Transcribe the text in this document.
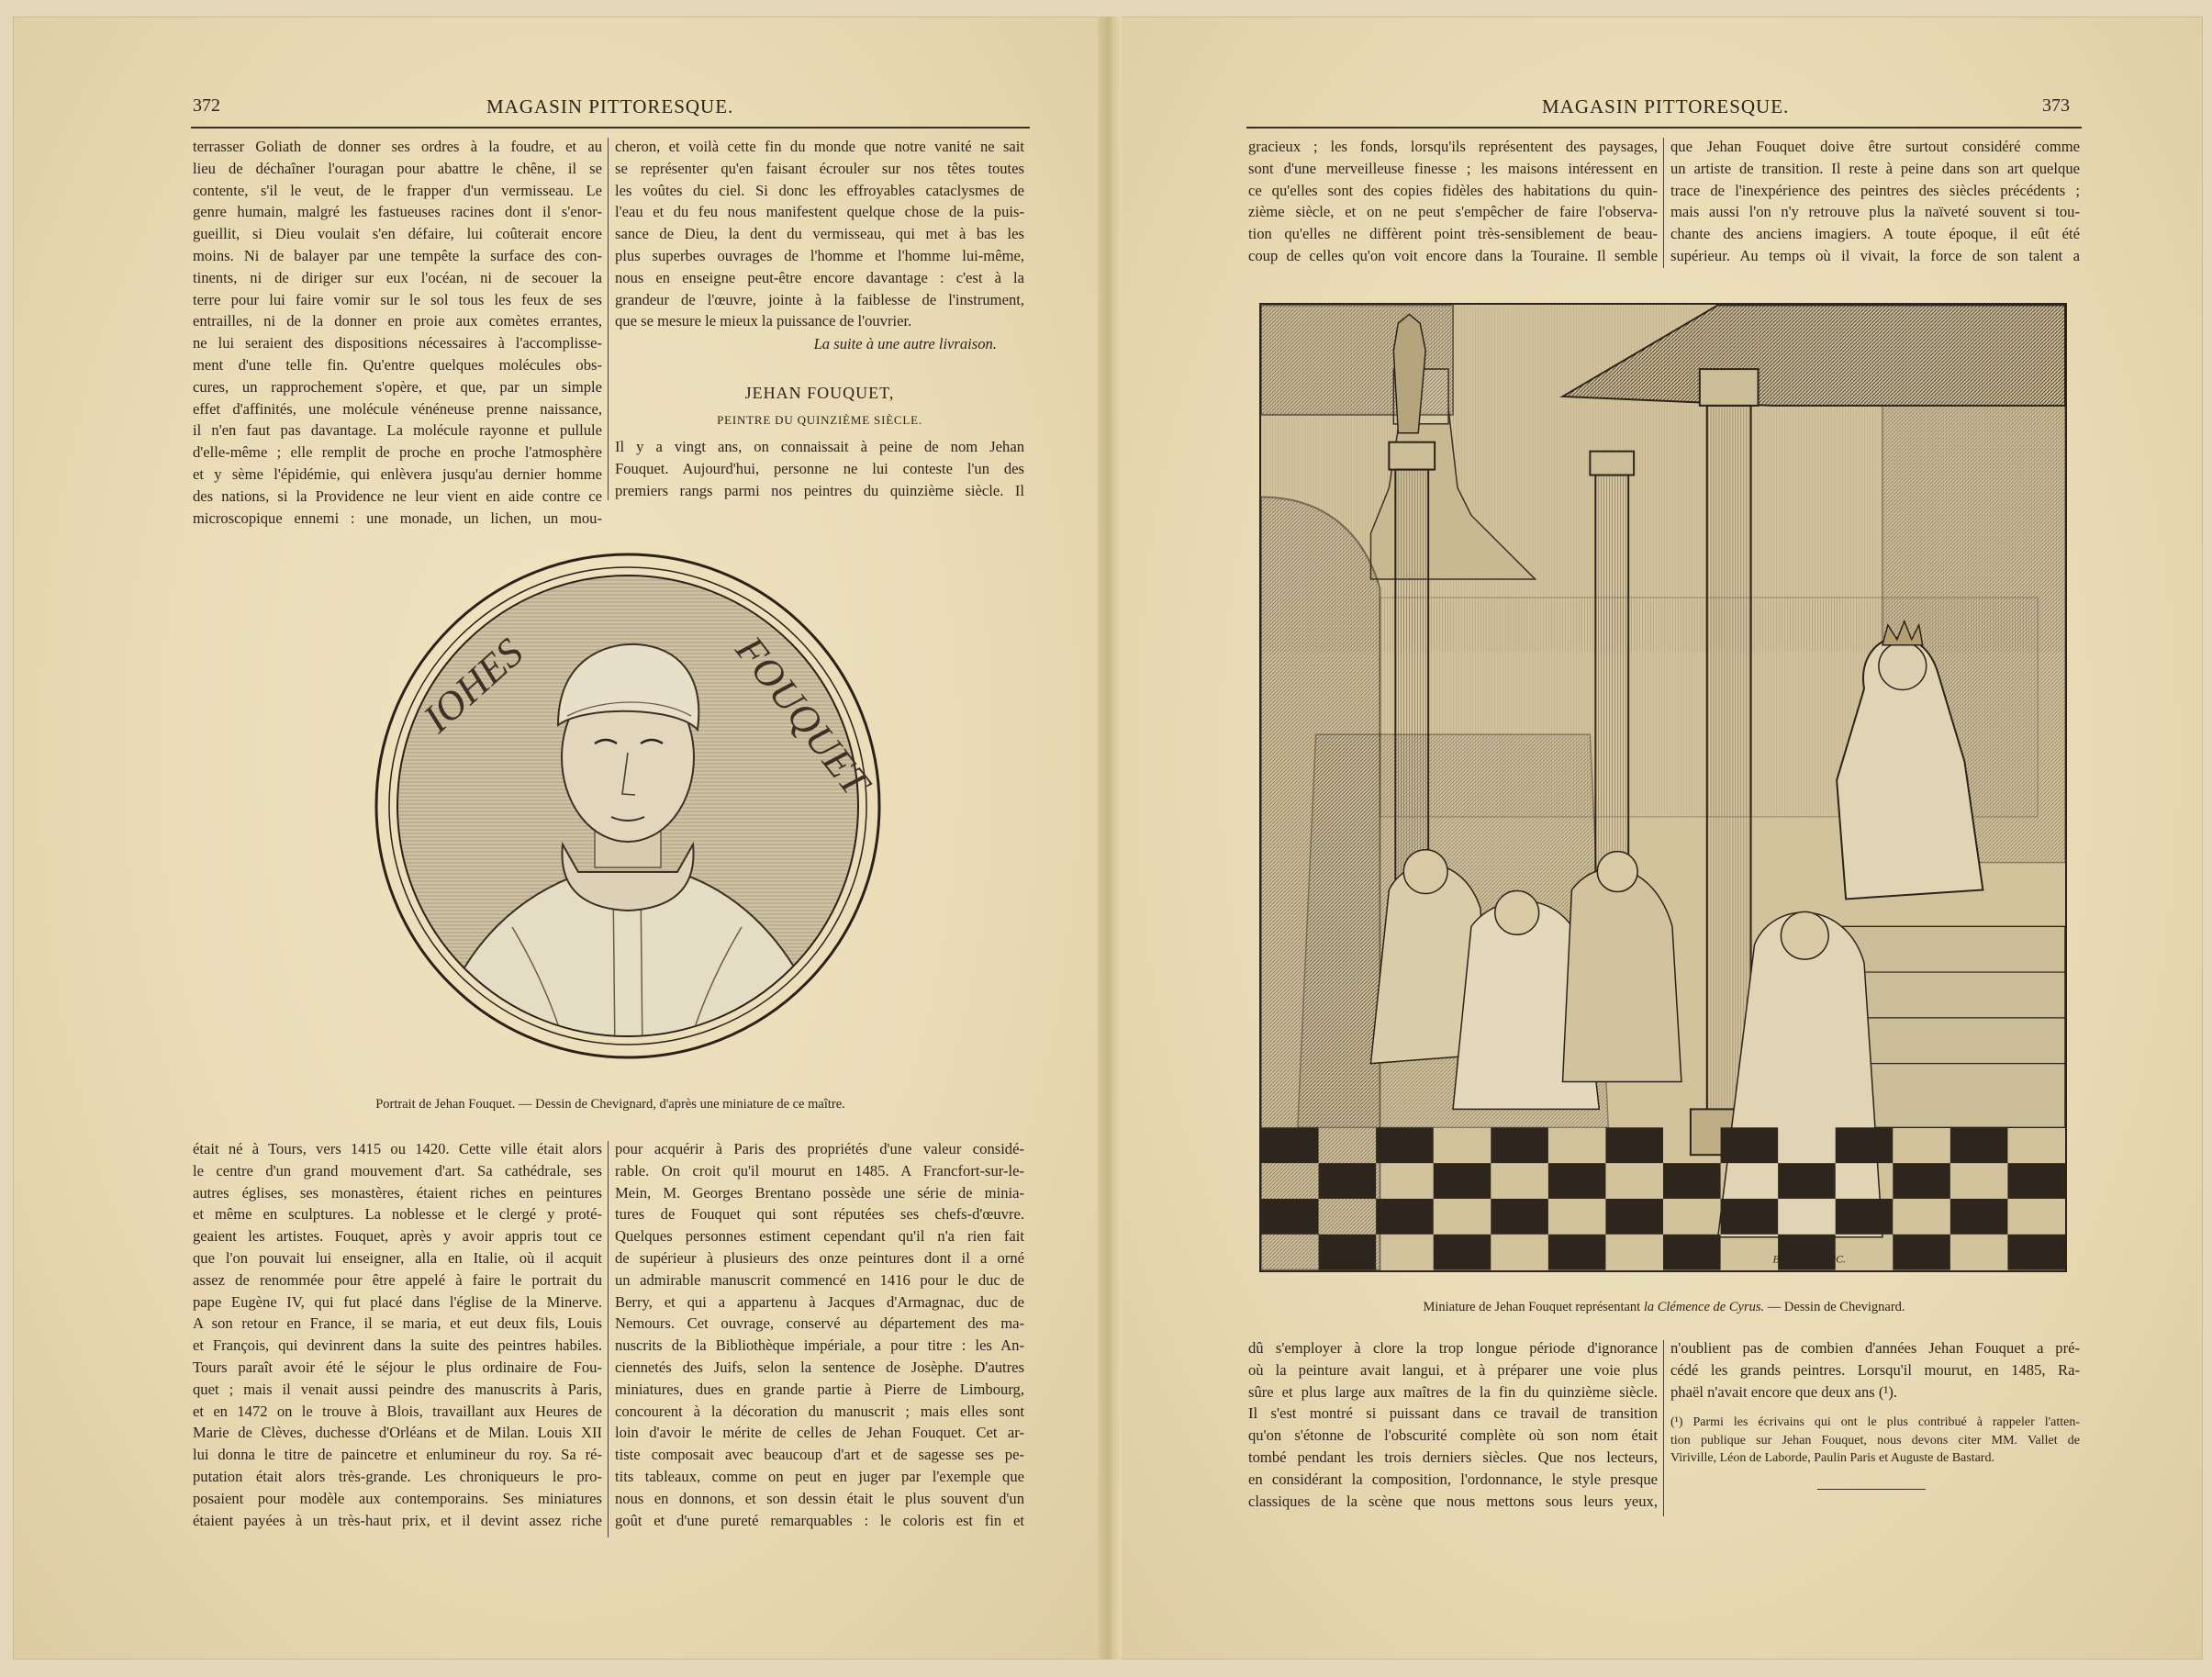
372	MAGASIN PITTORESQUE.
terrasser Goliath de donner ses ordres à la foudre, et au
lieu de déchaîner l'ouragan pour abattre le chêne, il se
contente, s'il le veut, de le frapper d'un vermisseau. Le
genre humain, malgré les fastueuses racines dont il s'enor-
gueillit, si Dieu voulait s'en défaire, lui coûterait encore
moins. Ni de balayer par une tempête la surface des con-
tinents, ni de diriger sur eux l'océan, ni de secouer la
terre pour lui faire vomir sur le sol tous les feux de ses
entrailles, ni de la donner en proie aux comètes errantes,
ne lui seraient des dispositions nécessaires à l'accomplisse-
ment d'une telle fin. Qu'entre quelques molécules obs-
cures, un rapprochement s'opère, et que, par un simple
effet d'affinités, une molécule vénéneuse prenne naissance,
il n'en faut pas davantage. La molécule rayonne et pullule
d'elle-même ; elle remplit de proche en proche l'atmosphère
et y sème l'épidémie, qui enlèvera jusqu'au dernier homme
des nations, si la Providence ne leur vient en aide contre ce
microscopique ennemi : une monade, un lichen, un mou-
cheron, et voilà cette fin du monde que notre vanité ne sait
se représenter qu'en faisant écrouler sur nos têtes toutes
les voûtes du ciel. Si donc les effroyables cataclysmes de
l'eau et du feu nous manifestent quelque chose de la puis-
sance de Dieu, la dent du vermisseau, qui met à bas les
plus superbes ouvrages de l'homme et l'homme lui-même,
nous en enseigne peut-être encore davantage : c'est à la
grandeur de l'œuvre, jointe à la faiblesse de l'instrument,
que se mesure le mieux la puissance de l'ouvrier.
La suite à une autre livraison.
JEHAN FOUQUET,
PEINTRE DU QUINZIÈME SIÈCLE.
Il y a vingt ans, on connaissait à peine de nom Jehan
Fouquet. Aujourd'hui, personne ne lui conteste l'un des
premiers rangs parmi nos peintres du quinzième siècle. Il
IOHES	FOUQUET
Portrait de Jehan Fouquet. — Dessin de Chevignard, d'après une miniature de ce maître.
était né à Tours, vers 1415 ou 1420. Cette ville était alors
le centre d'un grand mouvement d'art. Sa cathédrale, ses
autres églises, ses monastères, étaient riches en peintures
et même en sculptures. La noblesse et le clergé y proté-
geaient les artistes. Fouquet, après y avoir appris tout ce
que l'on pouvait lui enseigner, alla en Italie, où il acquit
assez de renommée pour être appelé à faire le portrait du
pape Eugène IV, qui fut placé dans l'église de la Minerve.
A son retour en France, il se maria, et eut deux fils, Louis
et François, qui devinrent dans la suite des peintres habiles.
Tours paraît avoir été le séjour le plus ordinaire de Fou-
quet ; mais il venait aussi peindre des manuscrits à Paris,
et en 1472 on le trouve à Blois, travaillant aux Heures de
Marie de Clèves, duchesse d'Orléans et de Milan. Louis XII
lui donna le titre de paincetre et enlumineur du roy. Sa ré-
putation était alors très-grande. Les chroniqueurs le pro-
posaient pour modèle aux contemporains. Ses miniatures
étaient payées à un très-haut prix, et il devint assez riche
pour acquérir à Paris des propriétés d'une valeur considé-
rable. On croit qu'il mourut en 1485. A Francfort-sur-le-
Mein, M. Georges Brentano possède une série de minia-
tures de Fouquet qui sont réputées ses chefs-d'œuvre.
Quelques personnes estiment cependant qu'il n'a rien fait
de supérieur à plusieurs des onze peintures dont il a orné
un admirable manuscrit commencé en 1416 pour le duc de
Berry, et qui a appartenu à Jacques d'Armagnac, duc de
Nemours. Cet ouvrage, conservé au département des ma-
nuscrits de la Bibliothèque impériale, a pour titre : les An-
ciennetés des Juifs, selon la sentence de Josèphe. D'autres
miniatures, dues en grande partie à Pierre de Limbourg,
concourent à la décoration du manuscrit ; mais elles sont
loin d'avoir le mérite de celles de Jehan Fouquet. Cet ar-
tiste composait avec beaucoup d'art et de sagesse ses pe-
tits tableaux, comme on peut en juger par l'exemple que
nous en donnons, et son dessin était le plus souvent d'un
goût et d'une pureté remarquables : le coloris est fin et
MAGASIN PITTORESQUE.	373
gracieux ; les fonds, lorsqu'ils représentent des paysages,
sont d'une merveilleuse finesse ; les maisons intéressent en
ce qu'elles sont des copies fidèles des habitations du quin-
zième siècle, et on ne peut s'empêcher de faire l'observa-
tion qu'elles ne diffèrent point très-sensiblement de beau-
coup de celles qu'on voit encore dans la Touraine. Il semble
que Jehan Fouquet doive être surtout considéré comme
un artiste de transition. Il reste à peine dans son art quelque
trace de l'inexpérience des peintres des siècles précédents ;
mais aussi l'on n'y retrouve plus la naïveté souvent si tou-
chante des anciens imagiers. A toute époque, il eût été
supérieur. Au temps où il vivait, la force de son talent a
BERTRAND SC.
Miniature de Jehan Fouquet représentant la Clémence de Cyrus. — Dessin de Chevignard.
dû s'employer à clore la trop longue période d'ignorance
où la peinture avait langui, et à préparer une voie plus
sûre et plus large aux maîtres de la fin du quinzième siècle.
Il s'est montré si puissant dans ce travail de transition
qu'on s'étonne de l'obscurité complète où son nom était
tombé pendant les trois derniers siècles. Que nos lecteurs,
en considérant la composition, l'ordonnance, le style presque
classiques de la scène que nous mettons sous leurs yeux,
n'oublient pas de combien d'années Jehan Fouquet a pré-
cédé les grands peintres. Lorsqu'il mourut, en 1485, Ra-
phaël n'avait encore que deux ans (¹).
(¹) Parmi les écrivains qui ont le plus contribué à rappeler l'atten-
tion publique sur Jehan Fouquet, nous devons citer MM. Vallet de
Viriville, Léon de Laborde, Paulin Paris et Auguste de Bastard.
